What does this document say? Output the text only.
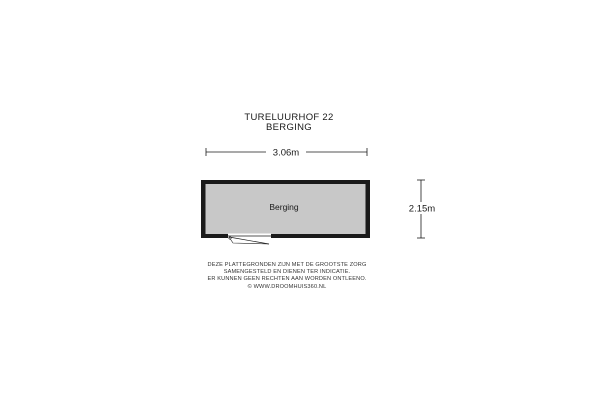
TURELUURHOF 22
BERGING
3.06m
2.15m
Berging
DEZE PLATTEGRONDEN ZIJN MET DE GROOTSTE ZORG
SAMENGESTELD EN DIENEN TER INDICATIE.
ER KUNNEN GEEN RECHTEN AAN WORDEN ONTLEENO.
© WWW.DROOMHUIS360.NL
